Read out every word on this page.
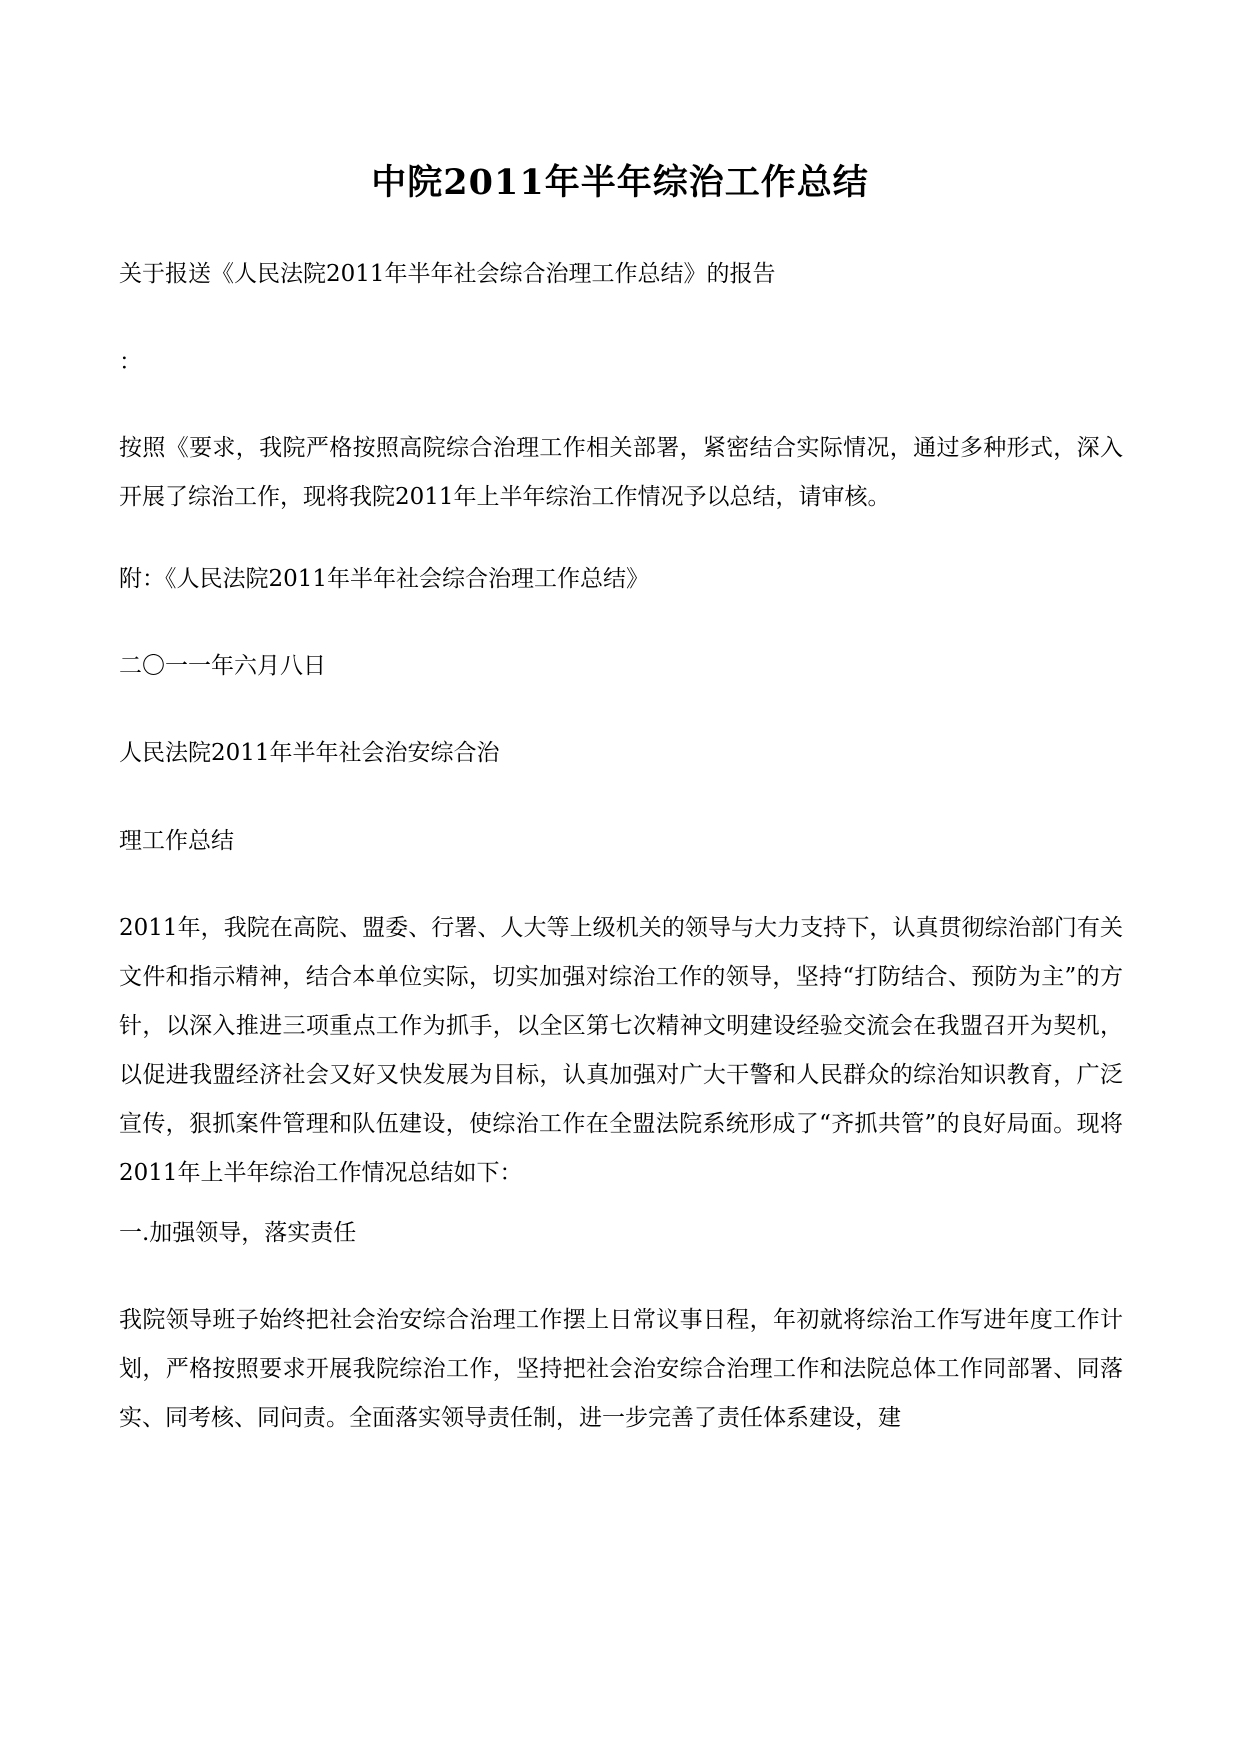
中院2011年半年综治工作总结
关于报送《人民法院2011年半年社会综合治理工作总结》的报告
：
按照《要求，我院严格按照高院综合治理工作相关部署，紧密结合实际情况，通过多种形式，深入开展了综治工作，现将我院2011年上半年综治工作情况予以总结，请审核。
附：《人民法院2011年半年社会综合治理工作总结》
二〇一一年六月八日
人民法院2011年半年社会治安综合治
理工作总结
2011年，我院在高院、盟委、行署、人大等上级机关的领导与大力支持下，认真贯彻综治部门有关文件和指示精神，结合本单位实际，切实加强对综治工作的领导，坚持“打防结合、预防为主”的方针，以深入推进三项重点工作为抓手，以全区第七次精神文明建设经验交流会在我盟召开为契机，以促进我盟经济社会又好又快发展为目标，认真加强对广大干警和人民群众的综治知识教育，广泛宣传，狠抓案件管理和队伍建设，使综治工作在全盟法院系统形成了“齐抓共管”的良好局面。现将2011年上半年综治工作情况总结如下：
一.加强领导，落实责任
我院领导班子始终把社会治安综合治理工作摆上日常议事日程，年初就将综治工作写进年度工作计划，严格按照要求开展我院综治工作，坚持把社会治安综合治理工作和法院总体工作同部署、同落实、同考核、同问责。全面落实领导责任制，进一步完善了责任体系建设，建
